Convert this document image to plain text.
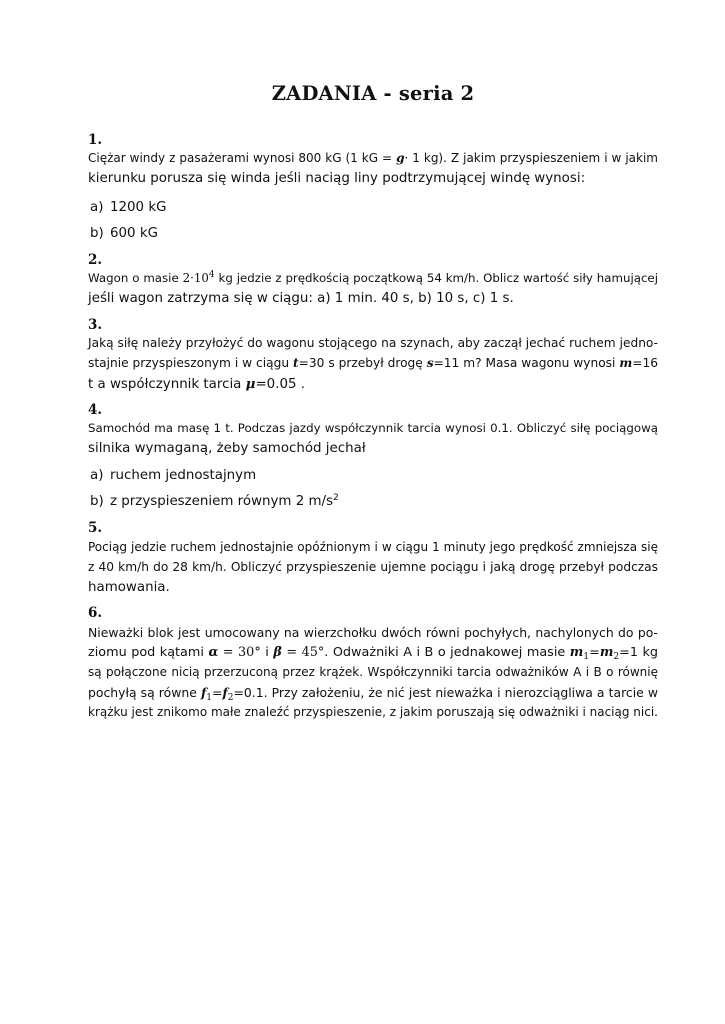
ZADANIA - seria 2
1.
Ciężar windy z pasażerami wynosi 800 kG (1 kG = g· 1 kg). Z jakim przyspieszeniem i w jakim
kierunku porusza się winda jeśli naciąg liny podtrzymującej windę wynosi:
a) 1200 kG
b) 600 kG
2.
Wagon o masie $2\cdot 10^4$ kg jedzie z prędkością początkową 54 km/h. Oblicz wartość siły hamującej
jeśli wagon zatrzyma się w ciągu: a) 1 min. 40 s, b) 10 s, c) 1 s.
3.
Jaką siłę należy przyłożyć do wagonu stojącego na szynach, aby zaczął jechać ruchem jedno-
stajnie przyspieszonym i w ciągu t=30 s przebył drogę s=11 m? Masa wagonu wynosi m=16
t a współczynnik tarcia μ=0.05 .
4.
Samochód ma masę 1 t. Podczas jazdy współczynnik tarcia wynosi 0.1. Obliczyć siłę pociągową
silnika wymaganą, żeby samochód jechał
a) ruchem jednostajnym
b) z przyspieszeniem równym 2 $m/s^2$
5.
Pociąg jedzie ruchem jednostajnie opóźnionym i w ciągu 1 minuty jego prędkość zmniejsza się
z 40 km/h do 28 km/h. Obliczyć przyspieszenie ujemne pociągu i jaką drogę przebył podczas
hamowania.
6.
Nieważki blok jest umocowany na wierzchołku dwóch równi pochyłych, nachylonych do po-
ziomu pod kątami α = 30° i β = 45°. Odważniki A i B o jednakowej masie $m_1=m_2=1$ kg
są połączone nicią przerzuconą przez krążek. Współczynniki tarcia odważników A i B o równię
pochyłą są równe $f_1=f_2=0.1$. Przy założeniu, że nić jest nieważka i nierozciągliwa a tarcie w
krążku jest znikomo małe znaleźć przyspieszenie, z jakim poruszają się odważniki i naciąg nici.
